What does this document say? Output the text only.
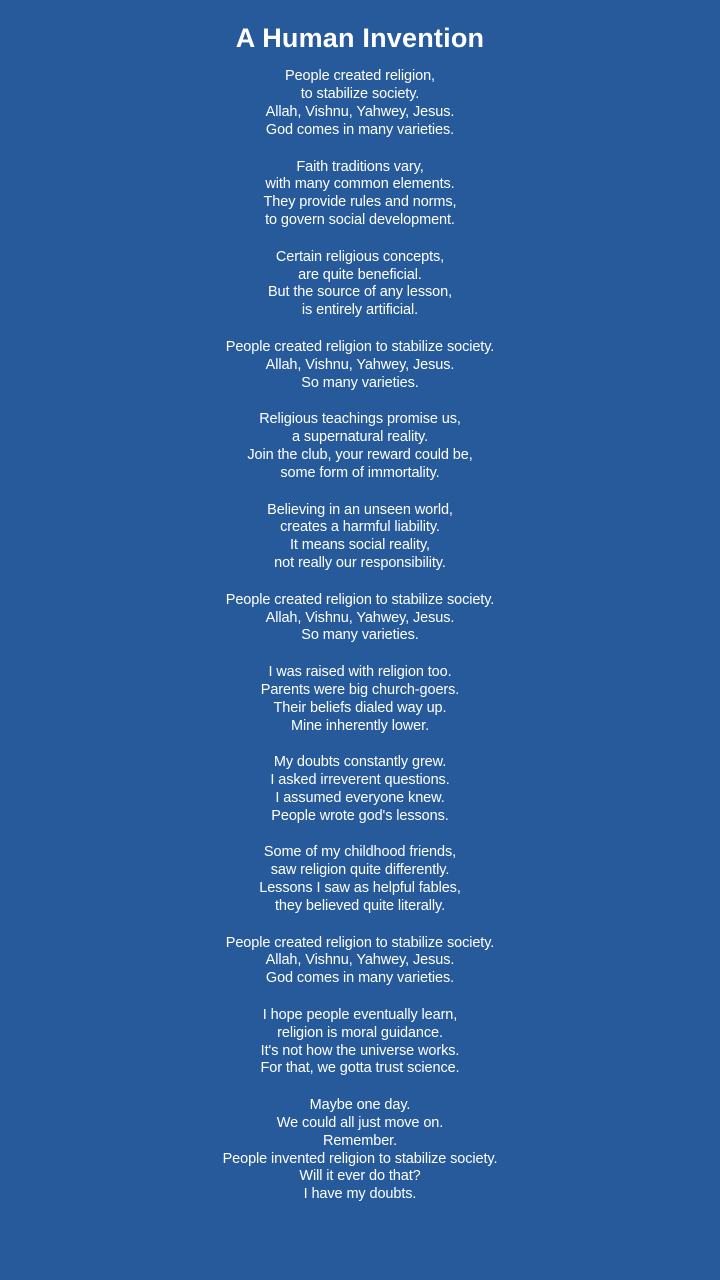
A Human Invention
People created religion,
to stabilize society.
Allah, Vishnu, Yahwey, Jesus.
God comes in many varieties.
Faith traditions vary,
with many common elements.
They provide rules and norms,
to govern social development.
Certain religious concepts,
are quite beneficial.
But the source of any lesson,
is entirely artificial.
People created religion to stabilize society.
Allah, Vishnu, Yahwey, Jesus.
So many varieties.
Religious teachings promise us,
a supernatural reality.
Join the club, your reward could be,
some form of immortality.
Believing in an unseen world,
creates a harmful liability.
It means social reality,
not really our responsibility.
People created religion to stabilize society.
Allah, Vishnu, Yahwey, Jesus.
So many varieties.
I was raised with religion too.
Parents were big church-goers.
Their beliefs dialed way up.
Mine inherently lower.
My doubts constantly grew.
I asked irreverent questions.
I assumed everyone knew.
People wrote god's lessons.
Some of my childhood friends,
saw religion quite differently.
Lessons I saw as helpful fables,
they believed quite literally.
People created religion to stabilize society.
Allah, Vishnu, Yahwey, Jesus.
God comes in many varieties.
I hope people eventually learn,
religion is moral guidance.
It's not how the universe works.
For that, we gotta trust science.
Maybe one day.
We could all just move on.
Remember.
People invented religion to stabilize society.
Will it ever do that?
I have my doubts.
